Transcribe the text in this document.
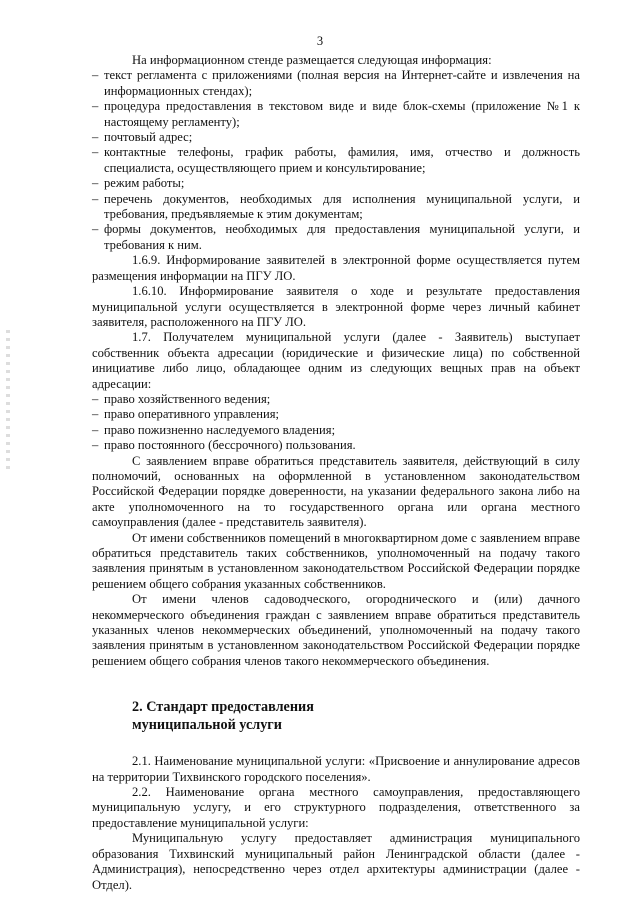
3

На информационном стенде размещается следующая информация:

– текст регламента с приложениями (полная версия на Интернет-сайте и извлечения на информационных стендах);
– процедура предоставления в текстовом виде и виде блок-схемы (приложение №1 к настоящему регламенту);
– почтовый адрес;
– контактные телефоны, график работы, фамилия, имя, отчество и должность специалиста, осуществляющего прием и консультирование;
– режим работы;
– перечень документов, необходимых для исполнения муниципальной услуги, и требования, предъявляемые к этим документам;
– формы документов, необходимых для предоставления муниципальной услуги, и требования к ним.

1.6.9. Информирование заявителей в электронной форме осуществляется путем размещения информации на ПГУ ЛО.

1.6.10. Информирование заявителя о ходе и результате предоставления муниципальной услуги осуществляется в электронной форме через личный кабинет заявителя, расположенного на ПГУ ЛО.

1.7. Получателем муниципальной услуги (далее - Заявитель) выступает собственник объекта адресации (юридические и физические лица) по собственной инициативе либо лицо, обладающее одним из следующих вещных прав на объект адресации:

– право хозяйственного ведения;
– право оперативного управления;
– право пожизненно наследуемого владения;
– право постоянного (бессрочного) пользования.

С заявлением вправе обратиться представитель заявителя, действующий в силу полномочий, основанных на оформленной в установленном законодательством Российской Федерации порядке доверенности, на указании федерального закона либо на акте уполномоченного на то государственного органа или органа местного самоуправления (далее - представитель заявителя).

От имени собственников помещений в многоквартирном доме с заявлением вправе обратиться представитель таких собственников, уполномоченный на подачу такого заявления принятым в установленном законодательством Российской Федерации порядке решением общего собрания указанных собственников.

От имени членов садоводческого, огороднического и (или) дачного некоммерческого объединения граждан с заявлением вправе обратиться представитель указанных членов некоммерческих объединений, уполномоченный на подачу такого заявления принятым в установленном законодательством Российской Федерации порядке решением общего собрания членов такого некоммерческого объединения.

2. Стандарт предоставления
муниципальной услуги

2.1. Наименование муниципальной услуги: «Присвоение и аннулирование адресов на территории Тихвинского городского поселения».

2.2. Наименование органа местного самоуправления, предоставляющего муниципальную услугу, и его структурного подразделения, ответственного за предоставление муниципальной услуги:

Муниципальную услугу предоставляет администрация муниципального образования Тихвинский муниципальный район Ленинградской области (далее - Администрация), непосредственно через отдел архитектуры администрации (далее - Отдел).
